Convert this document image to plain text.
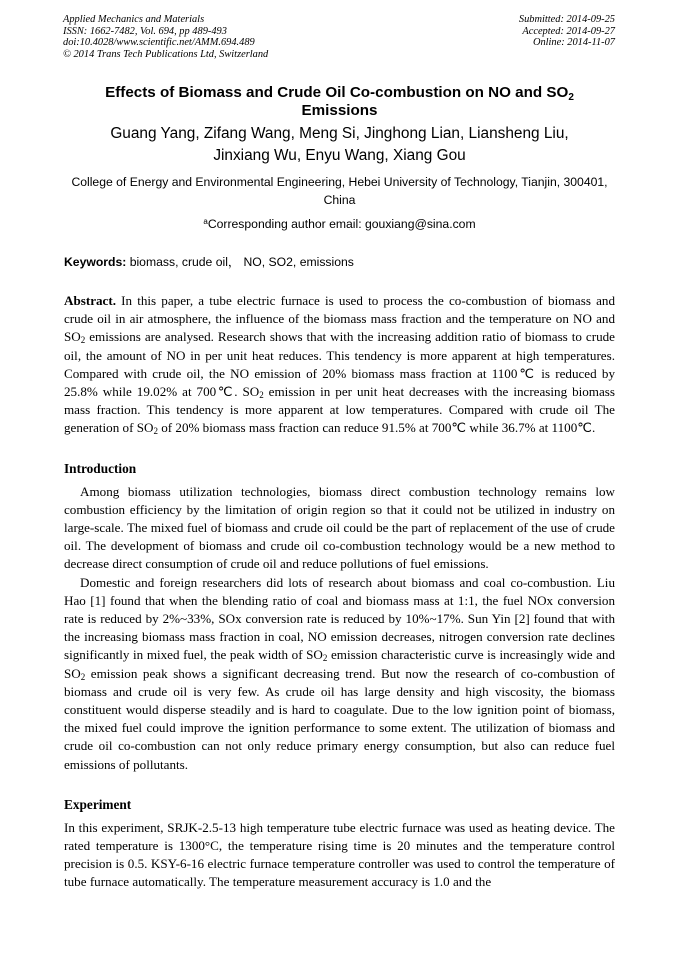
Applied Mechanics and Materials
ISSN: 1662-7482, Vol. 694, pp 489-493
doi:10.4028/www.scientific.net/AMM.694.489
© 2014 Trans Tech Publications Ltd, Switzerland
Submitted: 2014-09-25
Accepted: 2014-09-27
Online: 2014-11-07
Effects of Biomass and Crude Oil Co-combustion on NO and $SO_2$
Emissions
Guang Yang, Zifang Wang, Meng Si, Jinghong Lian, Liansheng Liu,
Jinxiang Wu, Enyu Wang, Xiang Gou
College of Energy and Environmental Engineering, Hebei University of Technology, Tianjin, 300401, China
$^a$Corresponding author email: gouxiang@sina.com
Keywords: biomass, crude oil， NO, SO2, emissions
Abstract. In this paper, a tube electric furnace is used to process the co-combustion of biomass and crude oil in air atmosphere, the influence of the biomass mass fraction and the temperature on NO and $SO_2$ emissions are analysed. Research shows that with the increasing addition ratio of biomass to crude oil, the amount of NO in per unit heat reduces. This tendency is more apparent at high temperatures. Compared with crude oil, the NO emission of 20% biomass mass fraction at 1100℃ is reduced by 25.8% while 19.02% at 700℃. $SO_2$ emission in per unit heat decreases with the increasing biomass mass fraction. This tendency is more apparent at low temperatures. Compared with crude oil The generation of $SO_2$ of 20% biomass mass fraction can reduce 91.5% at 700℃ while 36.7% at 1100℃.
Introduction
Among biomass utilization technologies, biomass direct combustion technology remains low combustion efficiency by the limitation of origin region so that it could not be utilized in industry on large-scale. The mixed fuel of biomass and crude oil could be the part of replacement of the use of crude oil. The development of biomass and crude oil co-combustion technology would be a new method to decrease direct consumption of crude oil and reduce pollutions of fuel emissions.
Domestic and foreign researchers did lots of research about biomass and coal co-combustion. Liu Hao [1] found that when the blending ratio of coal and biomass mass at 1:1, the fuel NOx conversion rate is reduced by 2%~33%, SOx conversion rate is reduced by 10%~17%. Sun Yin [2] found that with the increasing biomass mass fraction in coal, NO emission decreases, nitrogen conversion rate declines significantly in mixed fuel, the peak width of $SO_2$ emission characteristic curve is increasingly wide and $SO_2$ emission peak shows a significant decreasing trend. But now the research of co-combustion of biomass and crude oil is very few. As crude oil has large density and high viscosity, the biomass constituent would disperse steadily and is hard to coagulate. Due to the low ignition point of biomass, the mixed fuel could improve the ignition performance to some extent. The utilization of biomass and crude oil co-combustion can not only reduce primary energy consumption, but also can reduce fuel emissions of pollutants.
Experiment
In this experiment, SRJK-2.5-13 high temperature tube electric furnace was used as heating device. The rated temperature is 1300°C, the temperature rising time is 20 minutes and the temperature control precision is 0.5. KSY-6-16 electric furnace temperature controller was used to control the temperature of tube furnace automatically. The temperature measurement accuracy is 1.0 and the
